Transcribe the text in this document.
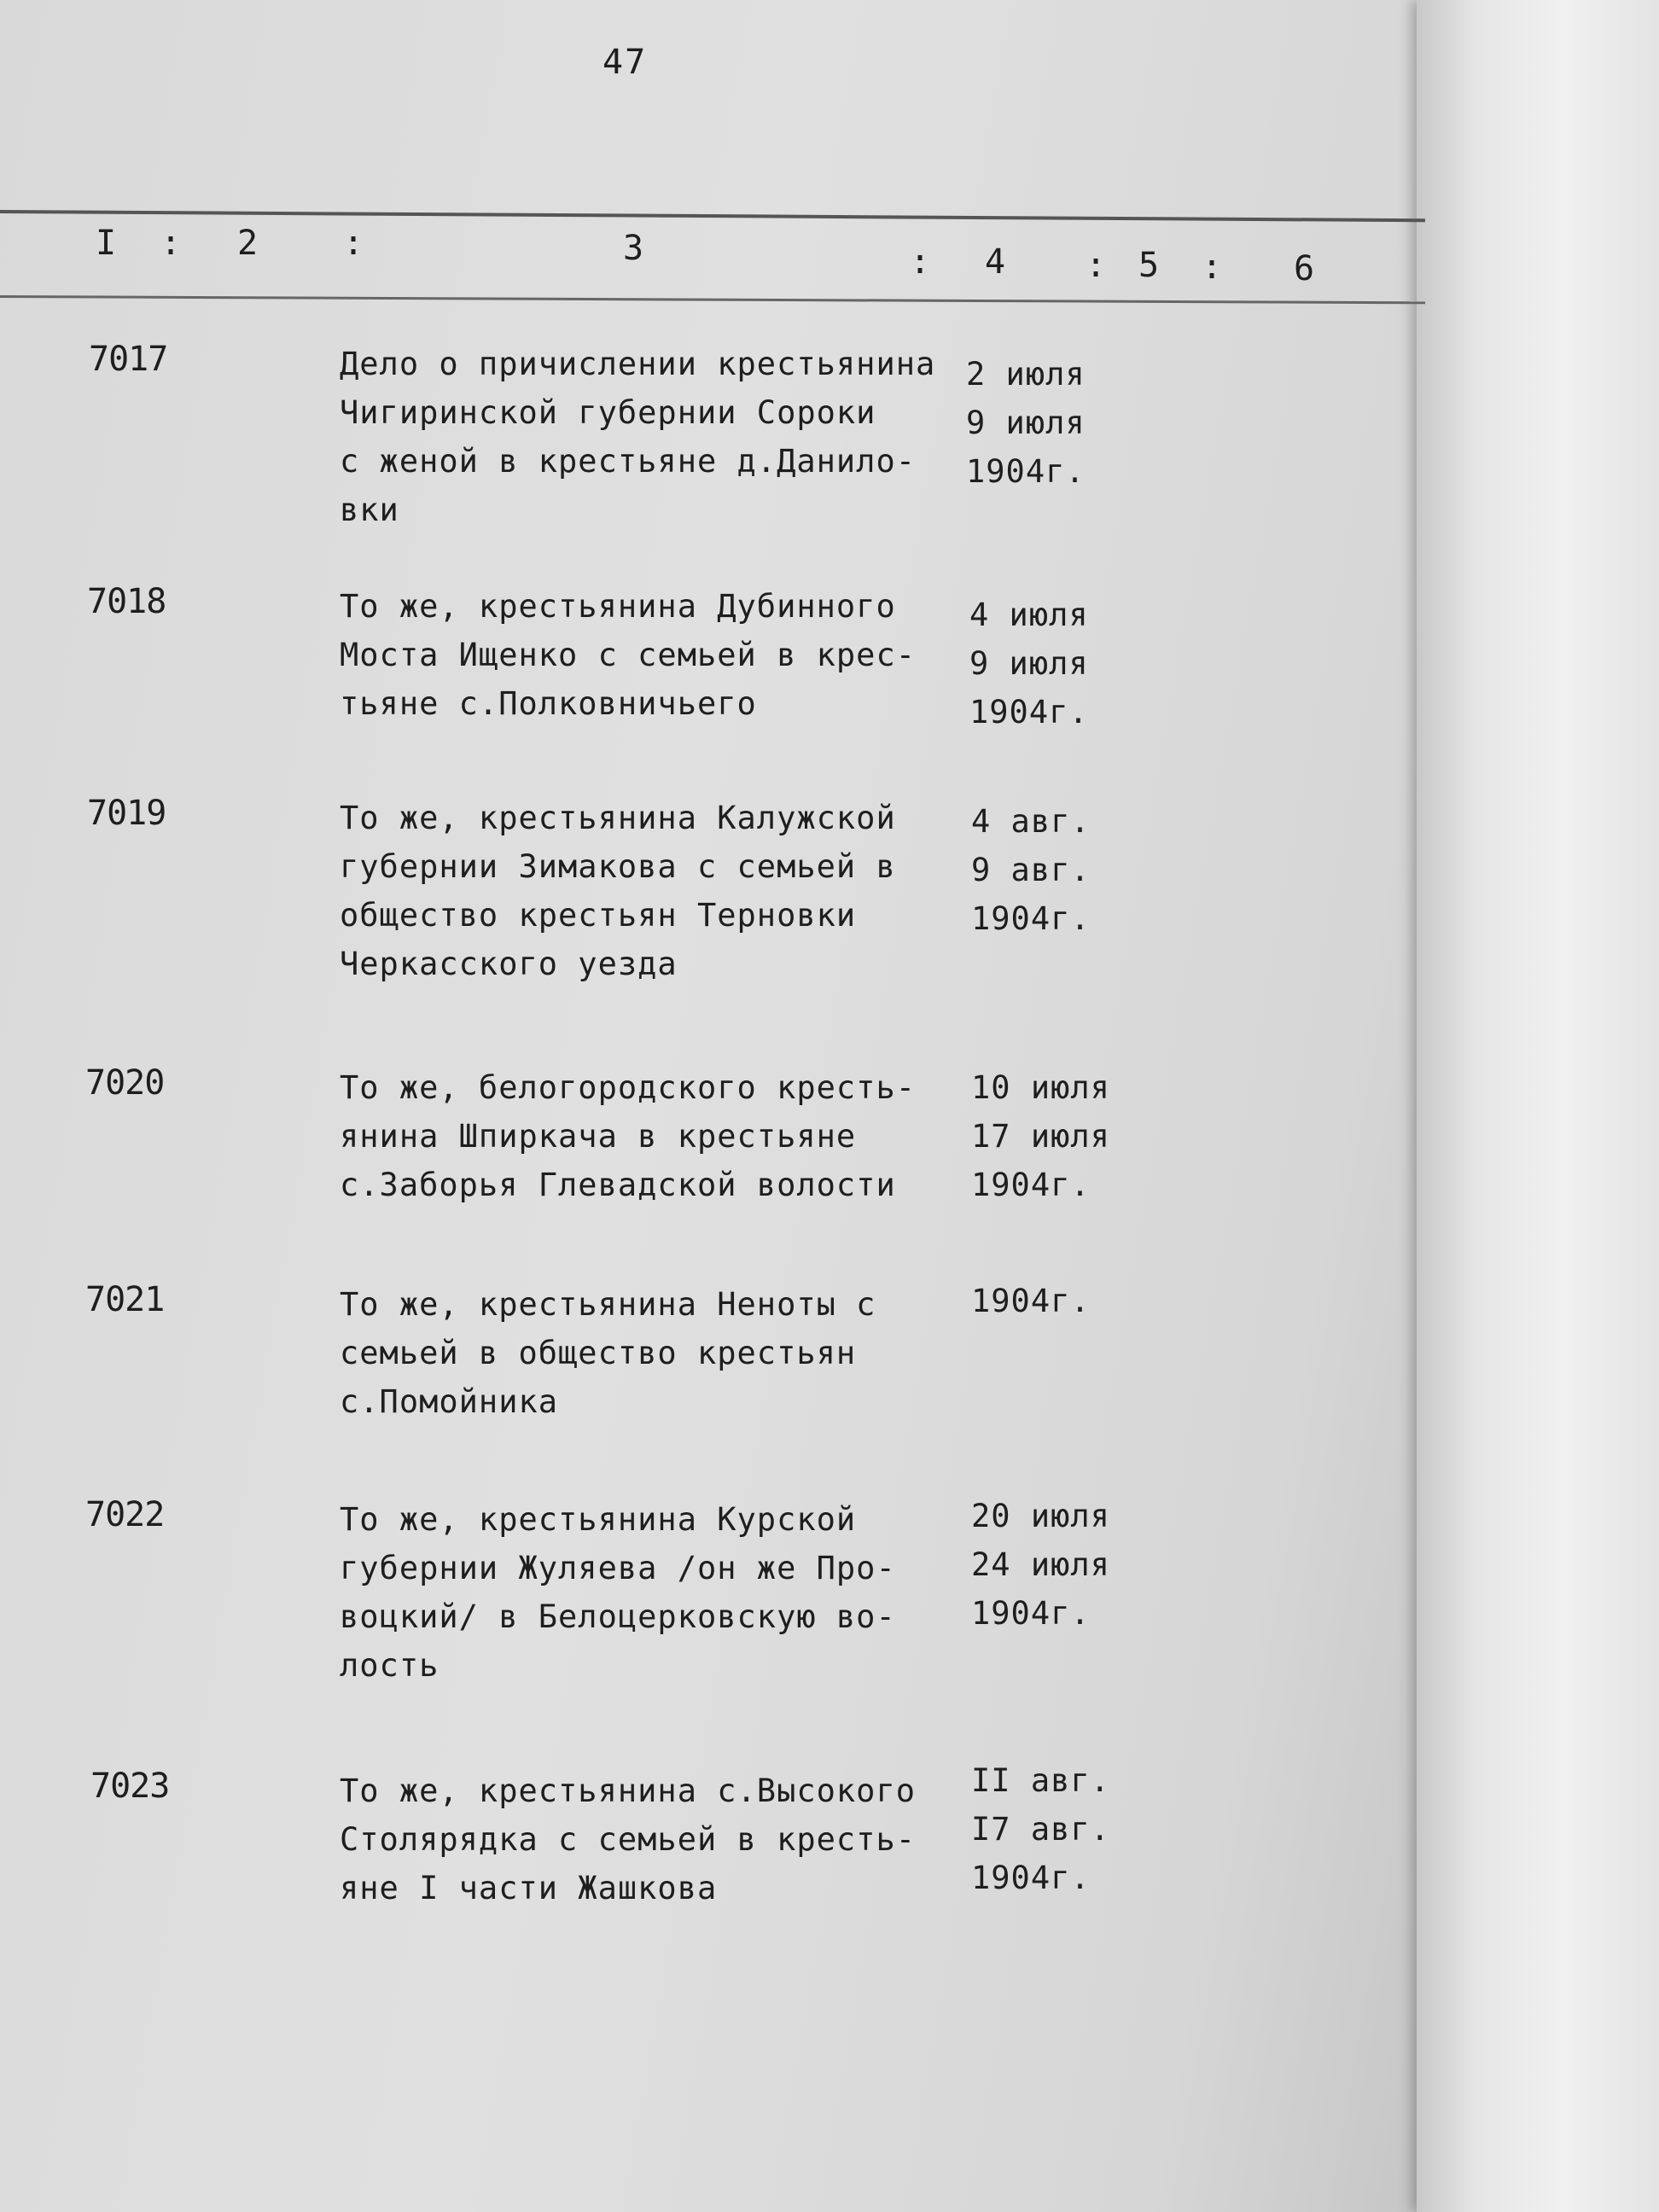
47
I : 2 :	3	: 4 : 5 : 6
7017	Дело о причислении крестьянина
Чигиринской губернии Сороки
с женой в крестьяне д.Данило-
вки
2 июля
9 июля
1904г.
7018	То же, крестьянина Дубинного
Моста Ищенко с семьей в крес-
тьяне с.Полковничьего
4 июля
9 июля
1904г.
7019	То же, крестьянина Калужской
губернии Зимакова с семьей в
общество крестьян Терновки
Черкасского уезда
4 авг.
9 авг.
1904г.
7020	То же, белогородского кресть-
янина Шпиркача в крестьяне
с.Заборья Глевадской волости
10 июля
17 июля
1904г.
7021	То же, крестьянина Неноты с
семьей в общество крестьян
с.Помойника
1904г.
7022	То же, крестьянина Курской
губернии Жуляева /он же Про-
воцкий/ в Белоцерковскую во-
лость
20 июля
24 июля
1904г.
7023	То же, крестьянина с.Высокого
Столярядка с семьей в кресть-
яне I части Жашкова
II авг.
I7 авг.
1904г.
